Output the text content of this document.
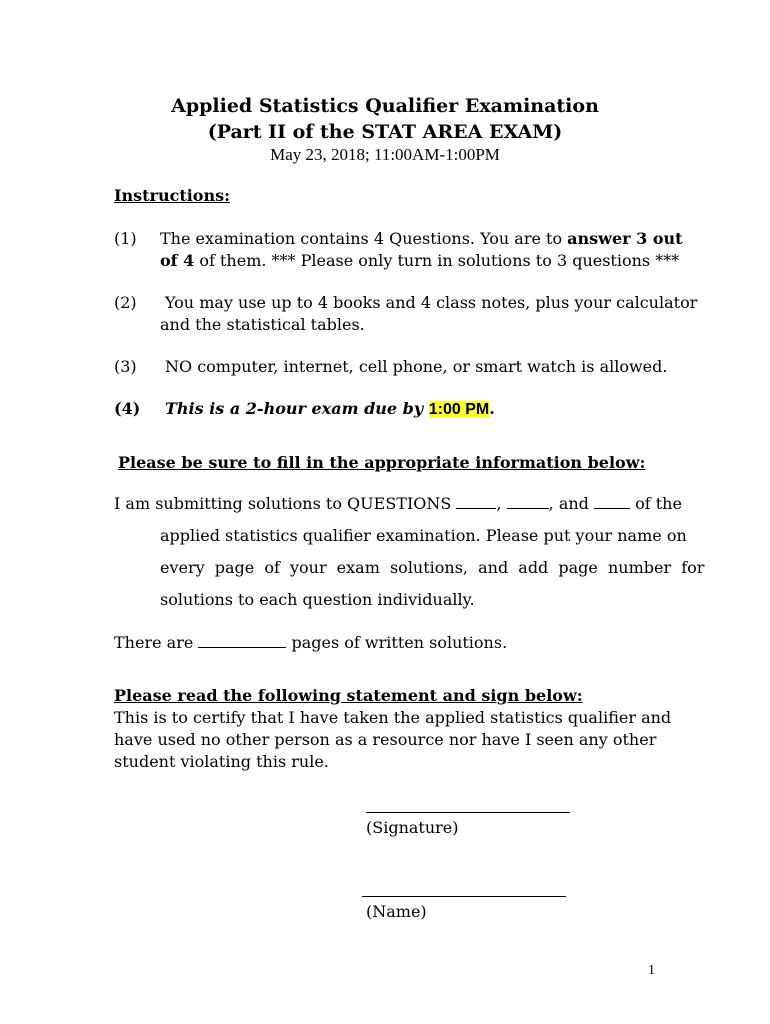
Applied Statistics Qualifier Examination
(Part II of the STAT AREA EXAM)
May 23, 2018; 11:00AM-1:00PM
Instructions:
(1) The examination contains 4 Questions. You are to answer 3 out
of 4 of them. *** Please only turn in solutions to 3 questions ***
(2) You may use up to 4 books and 4 class notes, plus your calculator
and the statistical tables.
(3) NO computer, internet, cell phone, or smart watch is allowed.
(4) This is a 2-hour exam due by 1:00 PM.
Please be sure to fill in the appropriate information below:
I am submitting solutions to QUESTIONS	,	, and	of the
applied statistics qualifier examination. Please put your name on
every page of your exam solutions, and add page number for
solutions to each question individually.
There are	pages of written solutions.
Please read the following statement and sign below:
This is to certify that I have taken the applied statistics qualifier and
have used no other person as a resource nor have I seen any other
student violating this rule.
(Signature)
(Name)
1
